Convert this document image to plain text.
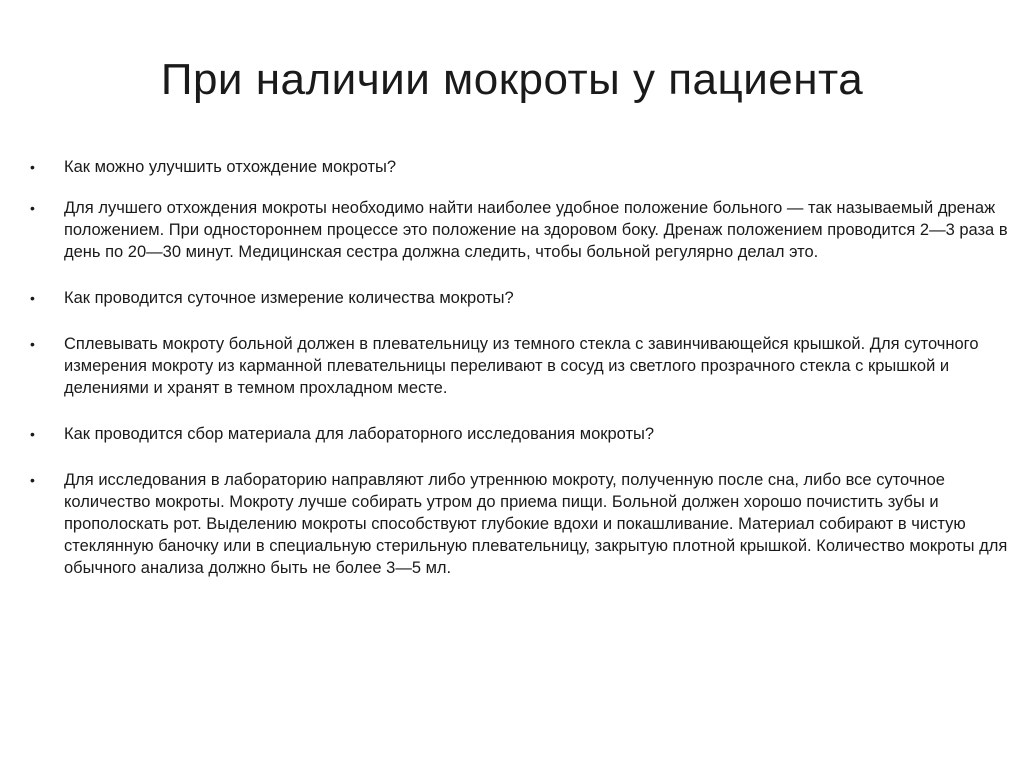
При наличии мокроты у пациента
•	Как можно улучшить отхождение мокроты?

•	Для лучшего отхождения мокроты необходимо найти наиболее удобное положение больного — так называемый дренаж положением. При одностороннем процессе это положение на здоровом боку. Дренаж положением проводится 2—3 раза в день по 20—30 минут. Медицинская сестра должна следить, чтобы больной регулярно делал это.

•	Как проводится суточное измерение количества мокроты?

•	Сплевывать мокроту больной должен в плевательницу из темного стекла с завинчивающейся крышкой. Для суточного измерения мокроту из карманной плевательницы переливают в сосуд из светлого прозрачного стекла с крышкой и делениями и хранят в темном прохладном месте.

•	Как проводится сбор материала для лабораторного исследования мокроты?

•	Для исследования в лабораторию направляют либо утреннюю мокроту, полученную после сна, либо все суточное количество мокроты. Мокроту лучше собирать утром до приема пищи. Больной должен хорошо почистить зубы и прополоскать рот. Выделению мокроты способствуют глубокие вдохи и покашливание. Материал собирают в чистую стеклянную баночку или в специальную стерильную плевательницу, закрытую плотной крышкой. Количество мокроты для обычного анализа должно быть не более 3—5 мл.
